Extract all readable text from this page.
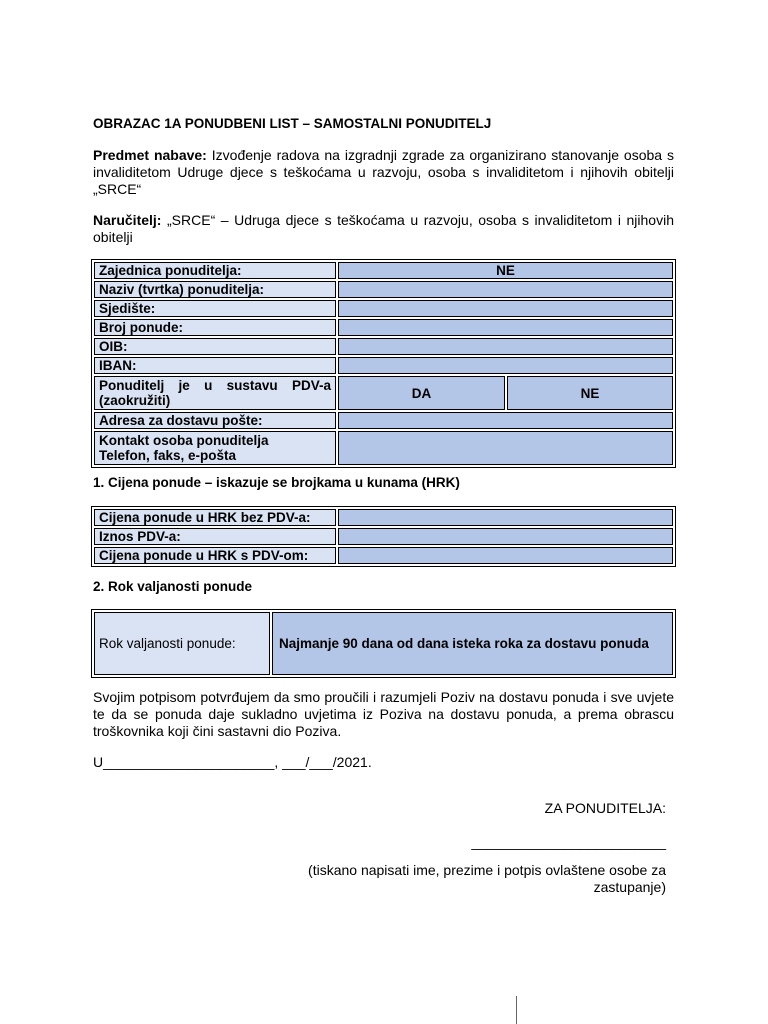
OBRAZAC 1A PONUDBENI LIST – SAMOSTALNI PONUDITELJ
Predmet nabave: Izvođenje radova na izgradnji zgrade za organizirano stanovanje osoba s invaliditetom Udruge djece s teškoćama u razvoju, osoba s invaliditetom i njihovih obitelji „SRCE“
Naručitelj: „SRCE“ – Udruga djece s teškoćama u razvoju, osoba s invaliditetom i njihovih obitelji
Zajednica ponuditelja:	NE	
Naziv (tvrtka) ponuditelja:		
Sjedište:		
Broj ponude:		
OIB:		
IBAN:		
Ponuditelj je u sustavu PDV-a (zaokružiti)	DA	NE
Adresa za dostavu pošte:		
Kontakt osoba ponuditelja
Telefon, faks, e-pošta		
1. Cijena ponude – iskazuje se brojkama u kunama (HRK)
Cijena ponude u HRK bez PDV-a:	
Iznos PDV-a:	
Cijena ponude u HRK s PDV-om:	
2. Rok valjanosti ponude
Rok valjanosti ponude:	Najmanje 90 dana od dana isteka roka za dostavu ponuda
Svojim potpisom potvrđujem da smo proučili i razumjeli Poziv na dostavu ponuda i sve uvjete te da se ponuda daje sukladno uvjetima iz Poziva na dostavu ponuda, a prema obrascu troškovnika koji čini sastavni dio Poziva.
U______________________, ___/___/2021.
ZA PONUDITELJA:
_________________________
(tiskano napisati ime, prezime i potpis ovlaštene osobe za zastupanje)
